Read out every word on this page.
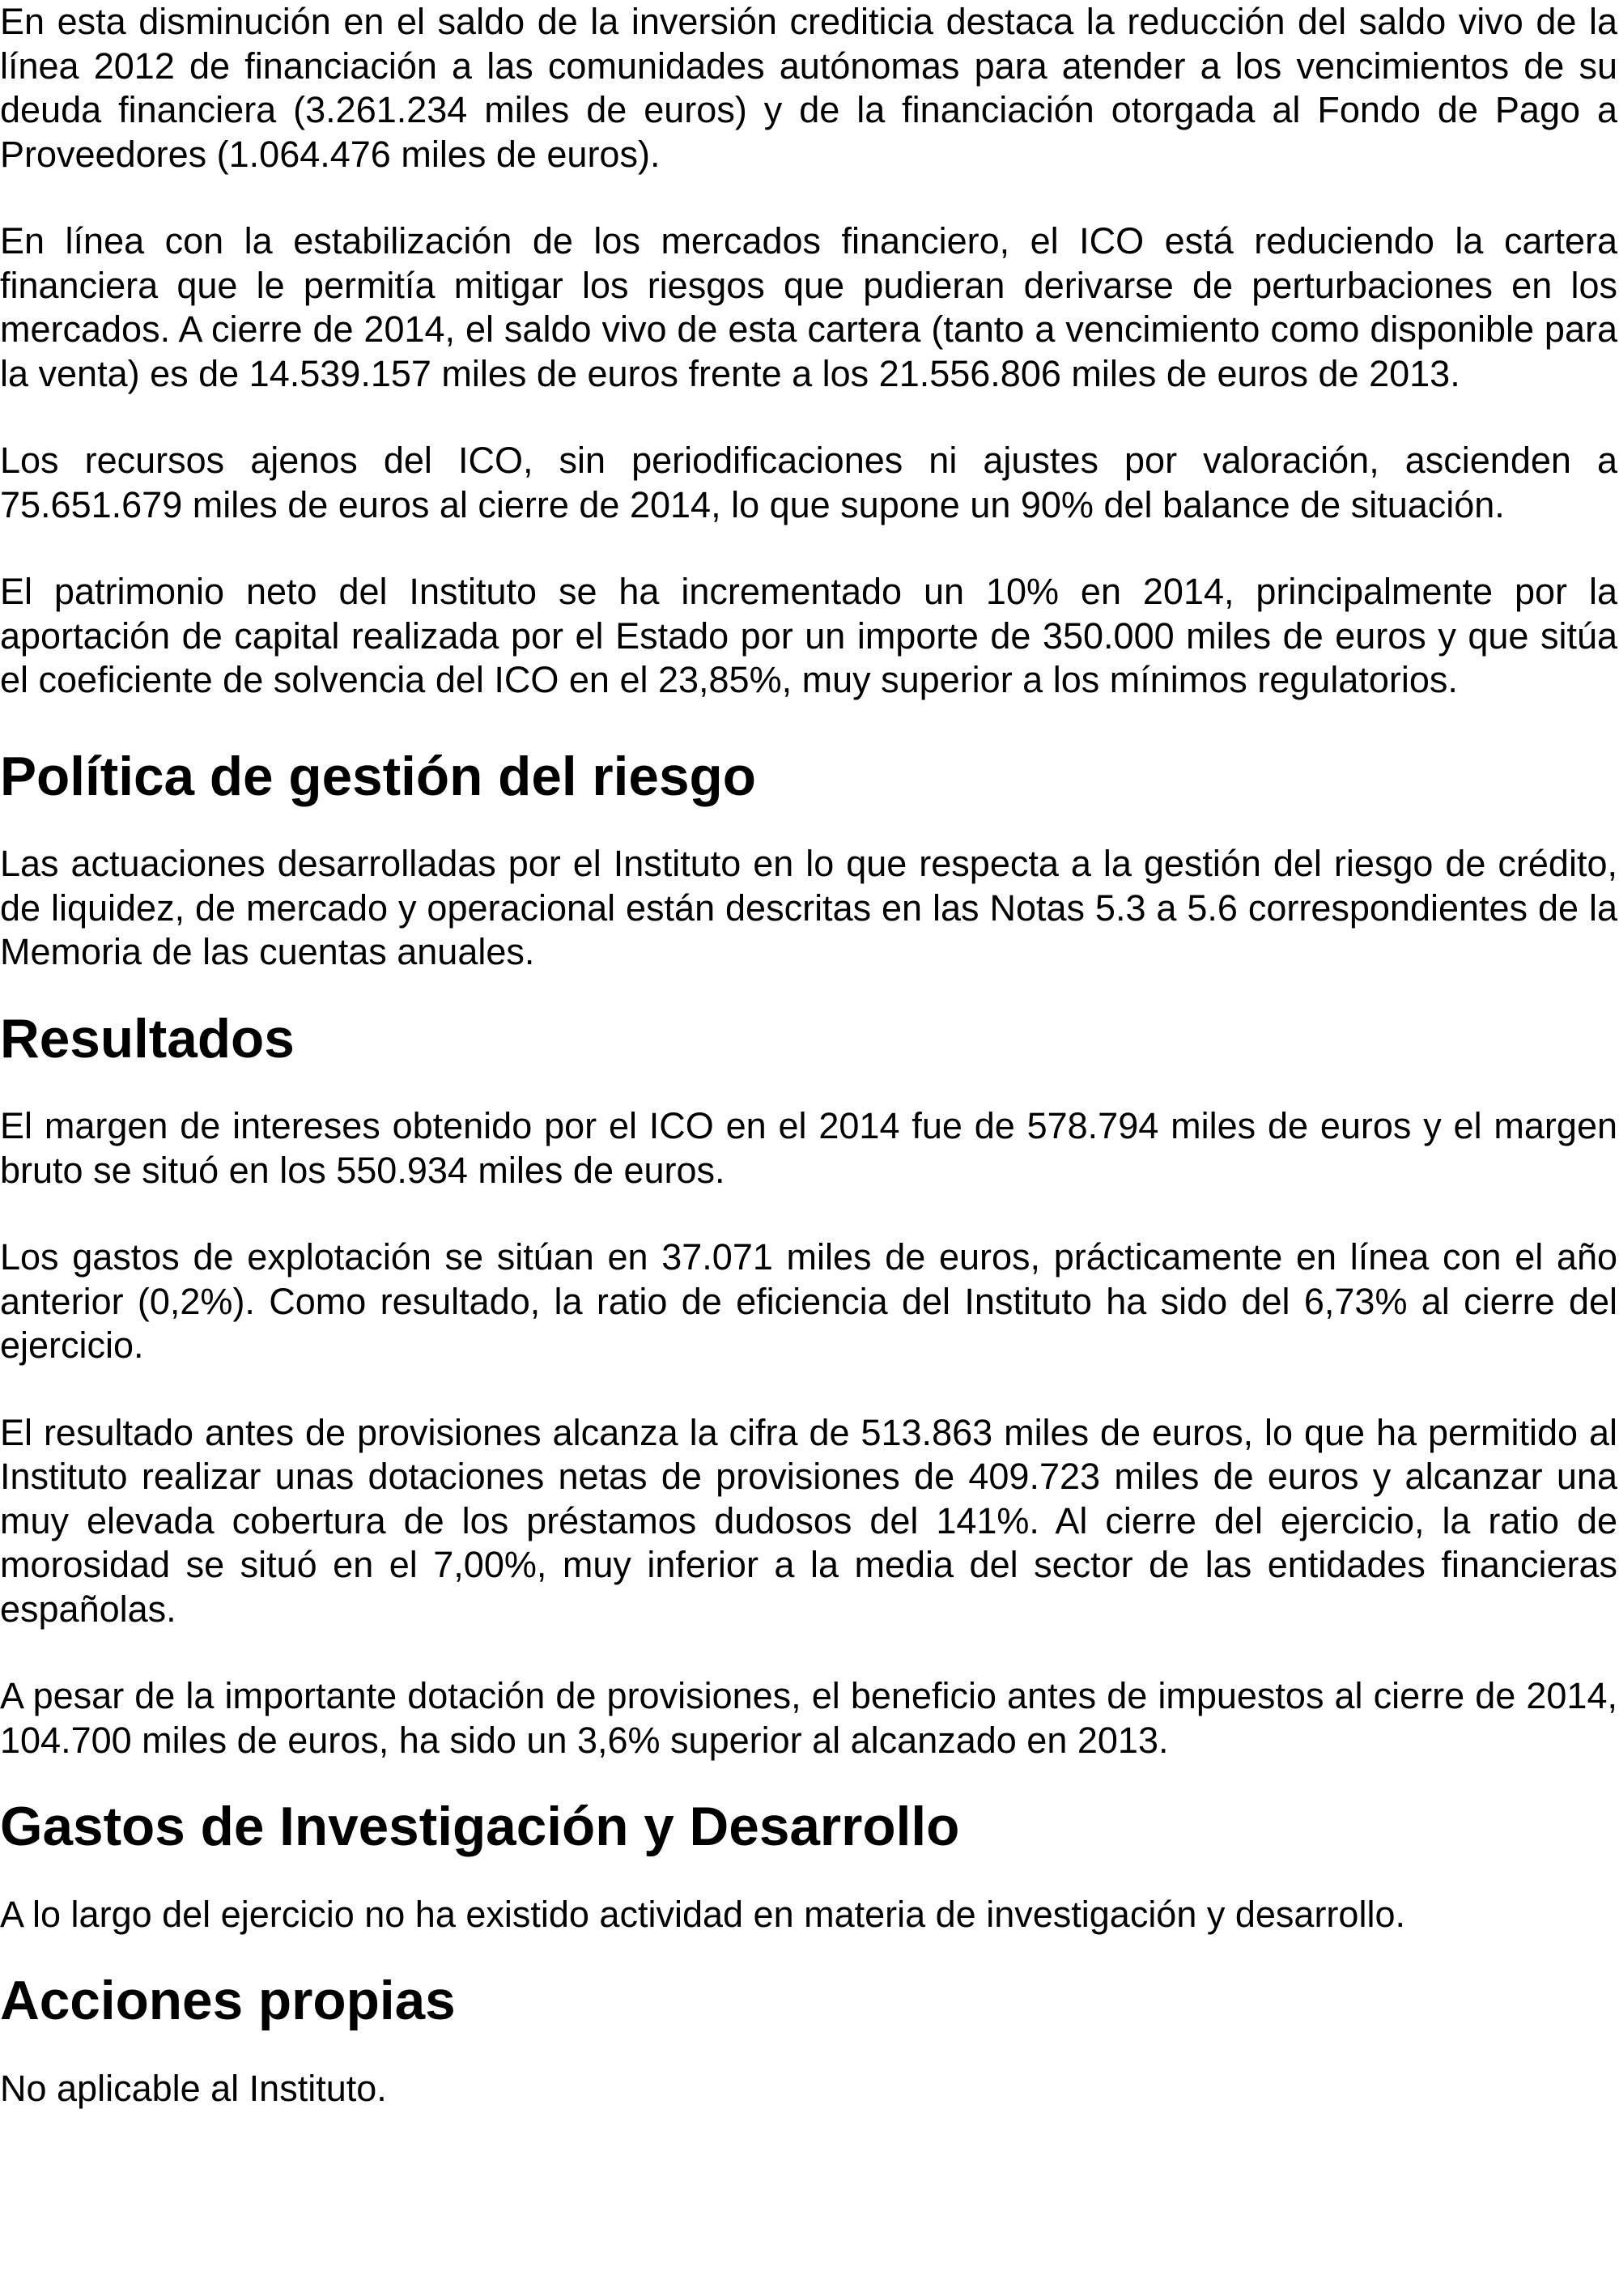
En esta disminución en el saldo de la inversión crediticia destaca la reducción del saldo vivo de la línea 2012 de financiación a las comunidades autónomas para atender a los vencimientos de su deuda financiera (3.261.234 miles de euros) y de la financiación otorgada al Fondo de Pago a Proveedores (1.064.476 miles de euros).

En línea con la estabilización de los mercados financiero, el ICO está reduciendo la cartera financiera que le permitía mitigar los riesgos que pudieran derivarse de perturbaciones en los mercados. A cierre de 2014, el saldo vivo de esta cartera (tanto a vencimiento como disponible para la venta) es de 14.539.157 miles de euros frente a los 21.556.806 miles de euros de 2013.

Los recursos ajenos del ICO, sin periodificaciones ni ajustes por valoración, ascienden a 75.651.679 miles de euros al cierre de 2014, lo que supone un 90% del balance de situación.

El patrimonio neto del Instituto se ha incrementado un 10% en 2014, principalmente por la aportación de capital realizada por el Estado por un importe de 350.000 miles de euros y que sitúa el coeficiente de solvencia del ICO en el 23,85%, muy superior a los mínimos regulatorios.

Política de gestión del riesgo

Las actuaciones desarrolladas por el Instituto en lo que respecta a la gestión del riesgo de crédito, de liquidez, de mercado y operacional están descritas en las Notas 5.3 a 5.6 correspondientes de la Memoria de las cuentas anuales.

Resultados

El margen de intereses obtenido por el ICO en el 2014 fue de 578.794 miles de euros y el margen bruto se situó en los 550.934 miles de euros.

Los gastos de explotación se sitúan en 37.071 miles de euros, prácticamente en línea con el año anterior (0,2%). Como resultado, la ratio de eficiencia del Instituto ha sido del 6,73% al cierre del ejercicio.

El resultado antes de provisiones alcanza la cifra de 513.863 miles de euros, lo que ha permitido al Instituto realizar unas dotaciones netas de provisiones de 409.723 miles de euros y alcanzar una muy elevada cobertura de los préstamos dudosos del 141%. Al cierre del ejercicio, la ratio de morosidad se situó en el 7,00%, muy inferior a la media del sector de las entidades financieras españolas.

A pesar de la importante dotación de provisiones, el beneficio antes de impuestos al cierre de 2014, 104.700 miles de euros, ha sido un 3,6% superior al alcanzado en 2013.

Gastos de Investigación y Desarrollo

A lo largo del ejercicio no ha existido actividad en materia de investigación y desarrollo.

Acciones propias

No aplicable al Instituto.
